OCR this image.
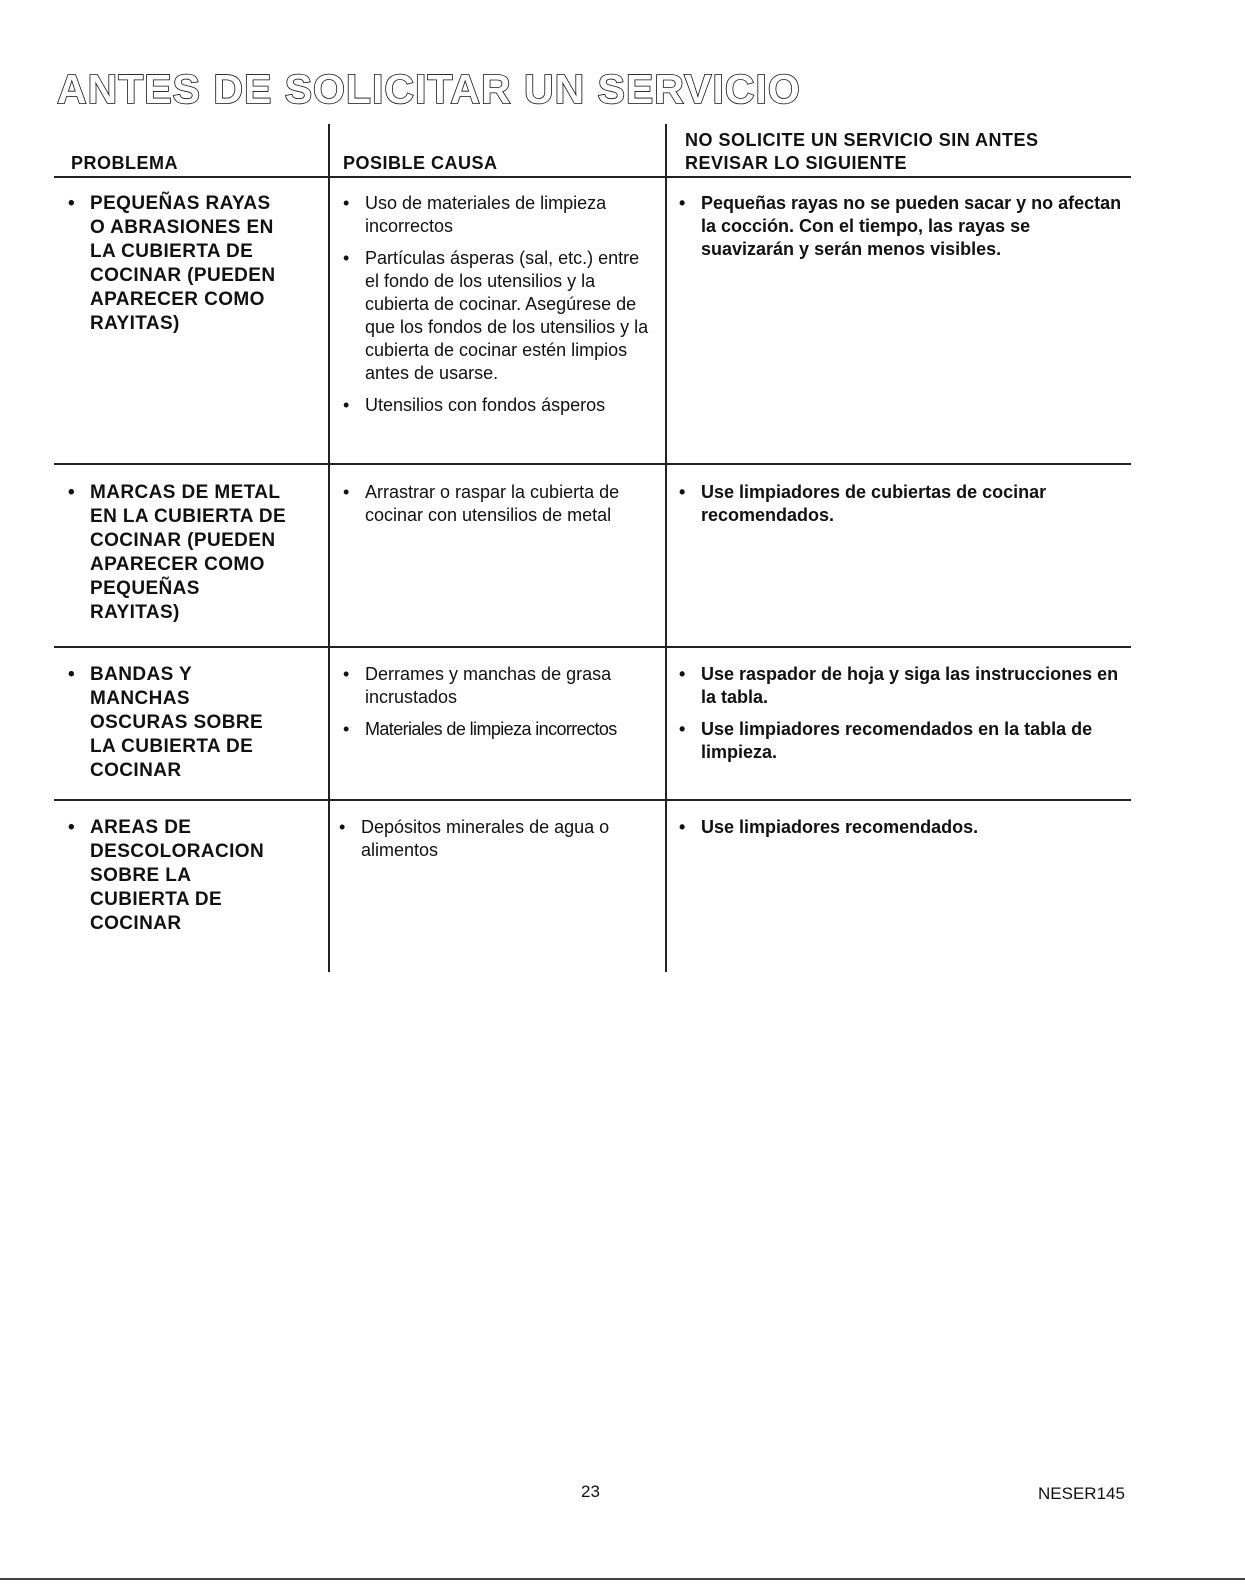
ANTES DE SOLICITAR UN SERVICIO
PROBLEMA	POSIBLE CAUSA
NO SOLICITE UN SERVICIO SIN ANTES
REVISAR LO SIGUIENTE
• PEQUEÑAS RAYAS
O ABRASIONES EN
LA CUBIERTA DE
COCINAR (PUEDEN
APARECER COMO
RAYITAS)
• Uso de materiales de limpieza incorrectos
• Partículas ásperas (sal, etc.) entre el fondo de los utensilios y la cubierta de cocinar. Asegúrese de que los fondos de los utensilios y la cubierta de cocinar estén limpios antes de usarse.
• Utensilios con fondos ásperos
• Pequeñas rayas no se pueden sacar y no afectan la cocción. Con el tiempo, las rayas se suavizarán y serán menos visibles.
• MARCAS DE METAL
EN LA CUBIERTA DE
COCINAR (PUEDEN
APARECER COMO
PEQUEÑAS
RAYITAS)
• Arrastrar o raspar la cubierta de cocinar con utensilios de metal
• Use limpiadores de cubiertas de cocinar recomendados.
• BANDAS Y
MANCHAS
OSCURAS SOBRE
LA CUBIERTA DE
COCINAR
• Derrames y manchas de grasa incrustados
• Materiales de limpieza incorrectos
• Use raspador de hoja y siga las instrucciones en la tabla.
• Use limpiadores recomendados en la tabla de limpieza.
• AREAS DE
DESCOLORACION
SOBRE LA
CUBIERTA DE
COCINAR
• Depósitos minerales de agua o alimentos
• Use limpiadores recomendados.
23	NESER145
